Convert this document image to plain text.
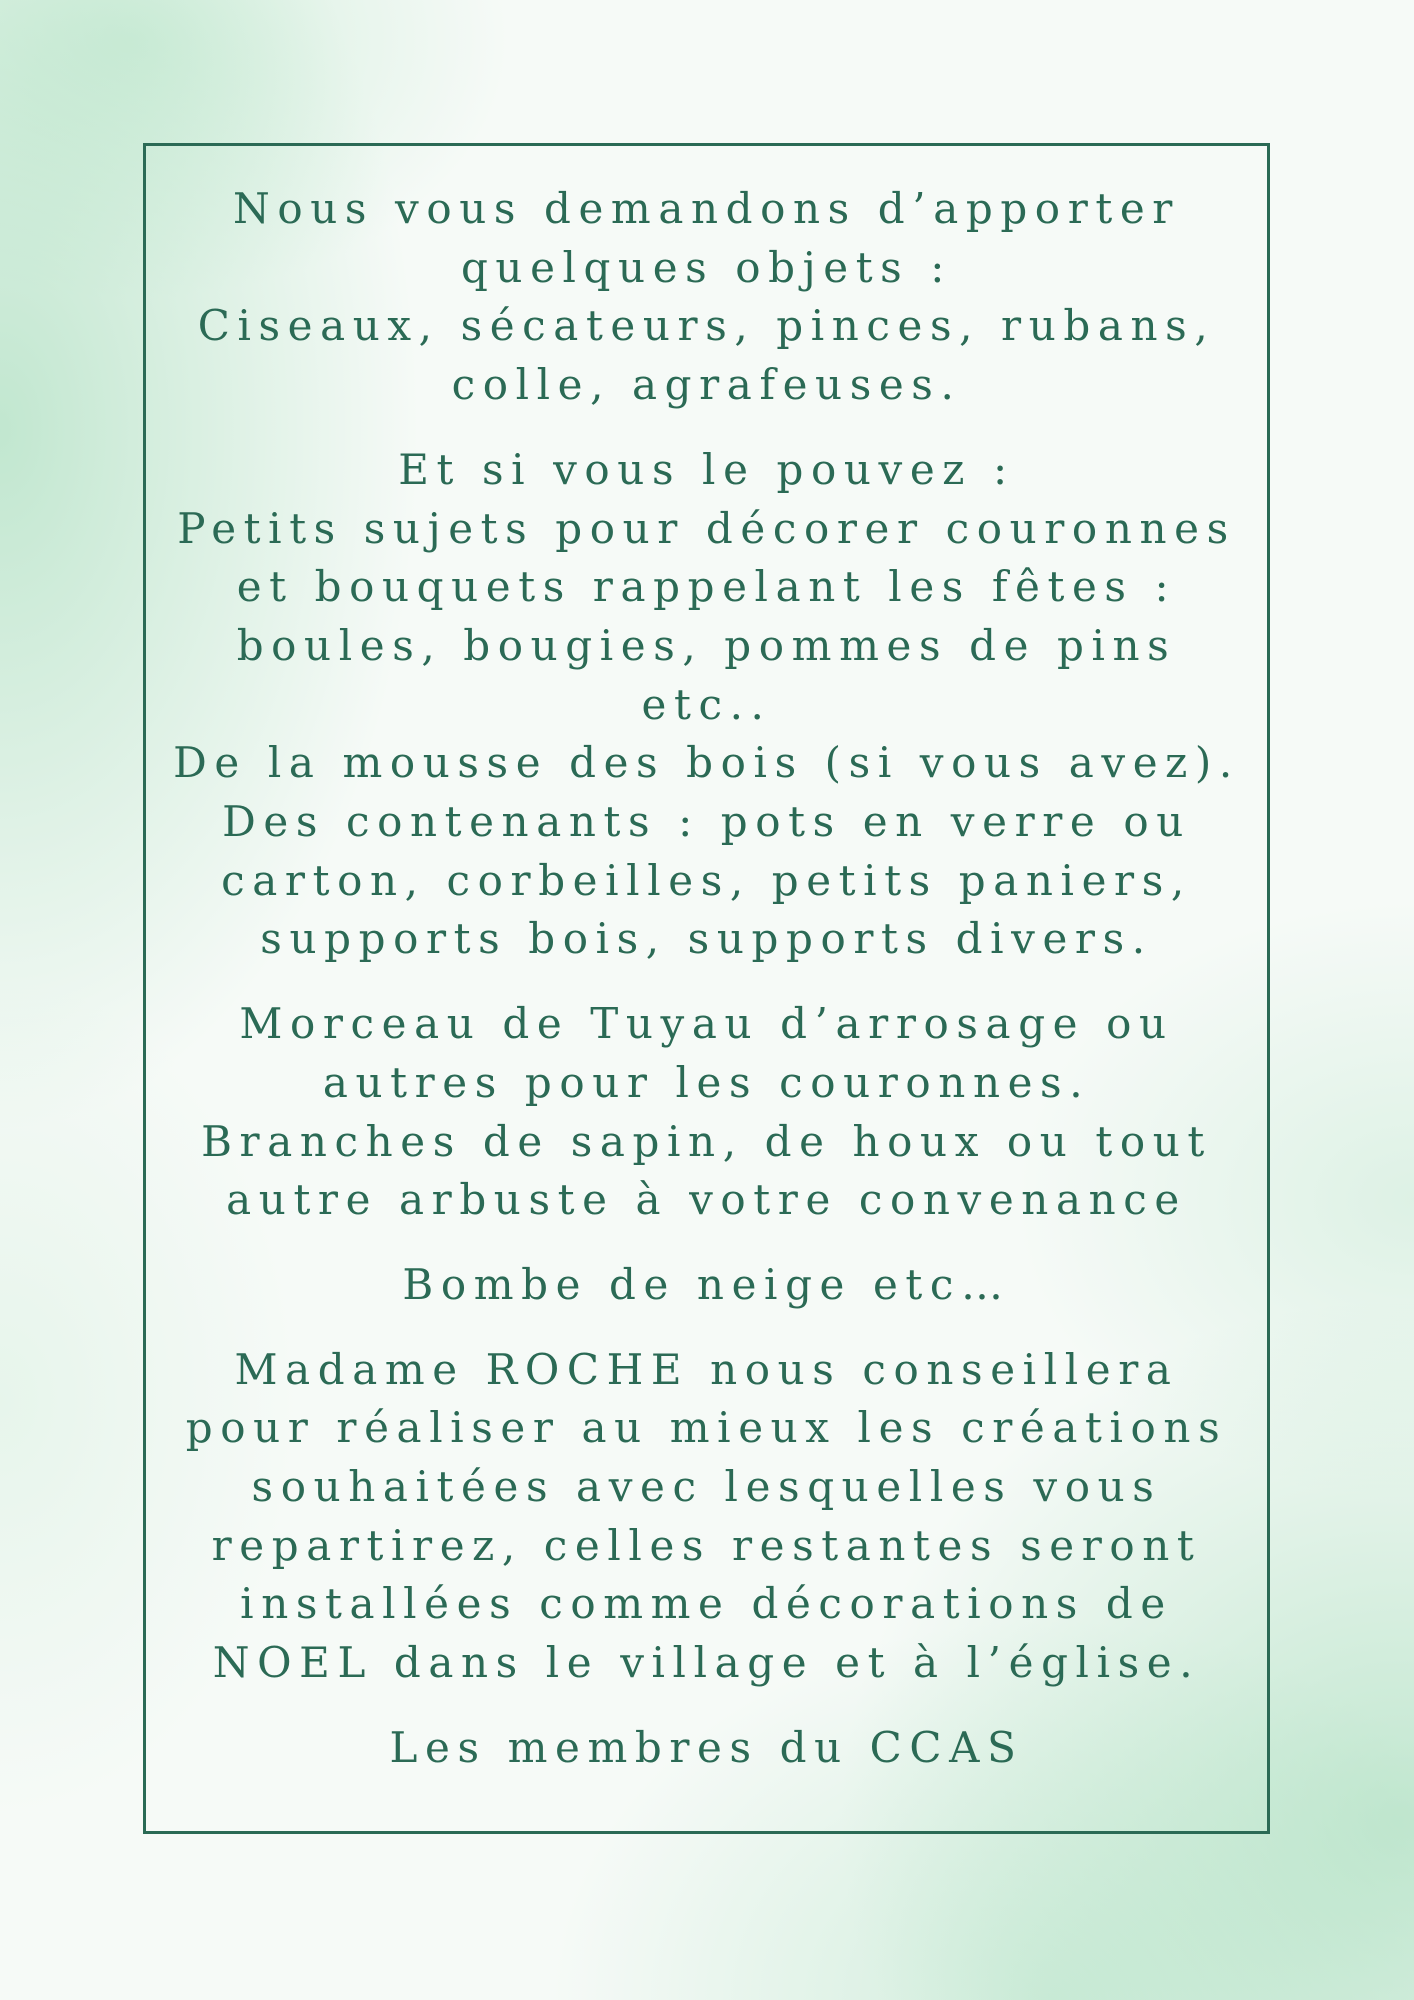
Nous vous demandons d’apporter
quelques objets :
Ciseaux, sécateurs, pinces, rubans,
colle, agrafeuses.

Et si vous le pouvez :
Petits sujets pour décorer couronnes
et bouquets rappelant les fêtes :
boules, bougies, pommes de pins
etc..
De la mousse des bois (si vous avez).
Des contenants : pots en verre ou
carton, corbeilles, petits paniers,
supports bois, supports divers.

Morceau de Tuyau d’arrosage ou
autres pour les couronnes.
Branches de sapin, de houx ou tout
autre arbuste à votre convenance

Bombe de neige etc…

Madame ROCHE nous conseillera
pour réaliser au mieux les créations
souhaitées avec lesquelles vous
repartirez, celles restantes seront
installées comme décorations de
NOEL dans le village et à l’église.

Les membres du CCAS
